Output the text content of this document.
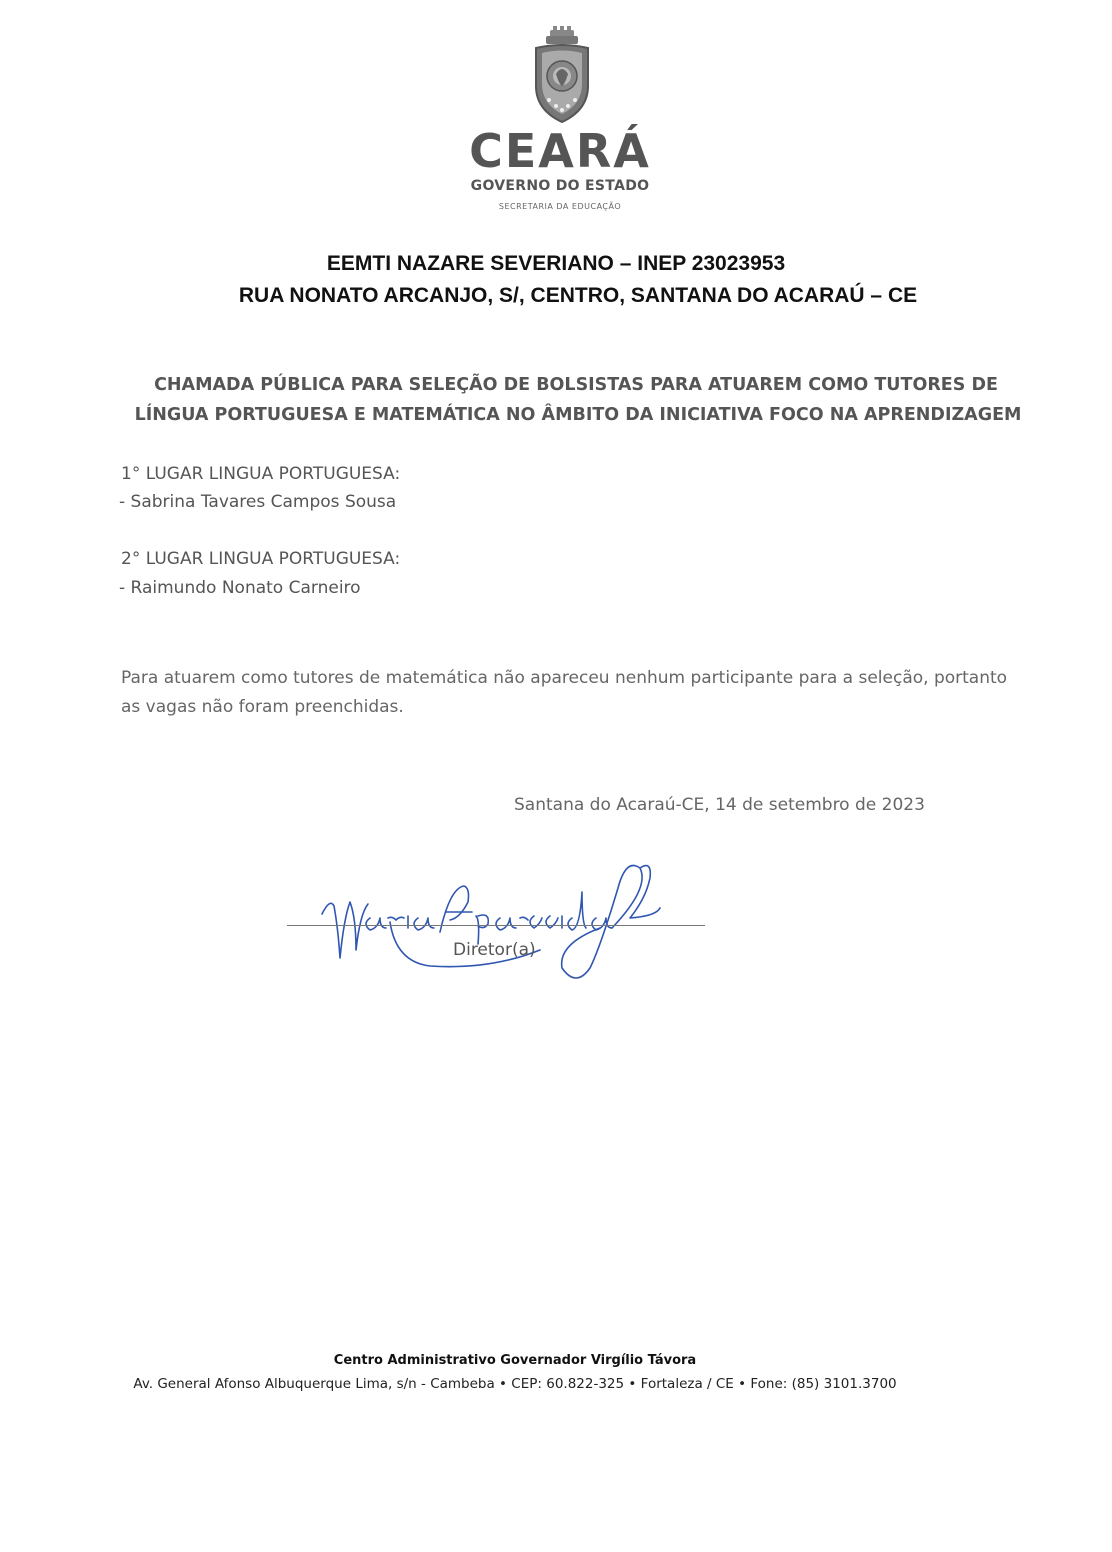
CEARÁ
GOVERNO DO ESTADO
SECRETARIA DA EDUCAÇÃO
EEMTI NAZARE SEVERIANO – INEP 23023953
RUA NONATO ARCANJO, S/, CENTRO, SANTANA DO ACARAÚ – CE
CHAMADA PÚBLICA PARA SELEÇÃO DE BOLSISTAS PARA ATUAREM COMO TUTORES DE
LÍNGUA PORTUGUESA E MATEMÁTICA NO ÂMBITO DA INICIATIVA FOCO NA APRENDIZAGEM
1° LUGAR LINGUA PORTUGUESA:
- Sabrina Tavares Campos Sousa
2° LUGAR LINGUA PORTUGUESA:
- Raimundo Nonato Carneiro
Para atuarem como tutores de matemática não apareceu nenhum participante para a seleção, portanto as vagas não foram preenchidas.
Santana do Acaraú-CE, 14 de setembro de 2023
Diretor(a)
Centro Administrativo Governador Virgílio Távora
Av. General Afonso Albuquerque Lima, s/n - Cambeba • CEP: 60.822-325 • Fortaleza / CE • Fone: (85) 3101.3700
